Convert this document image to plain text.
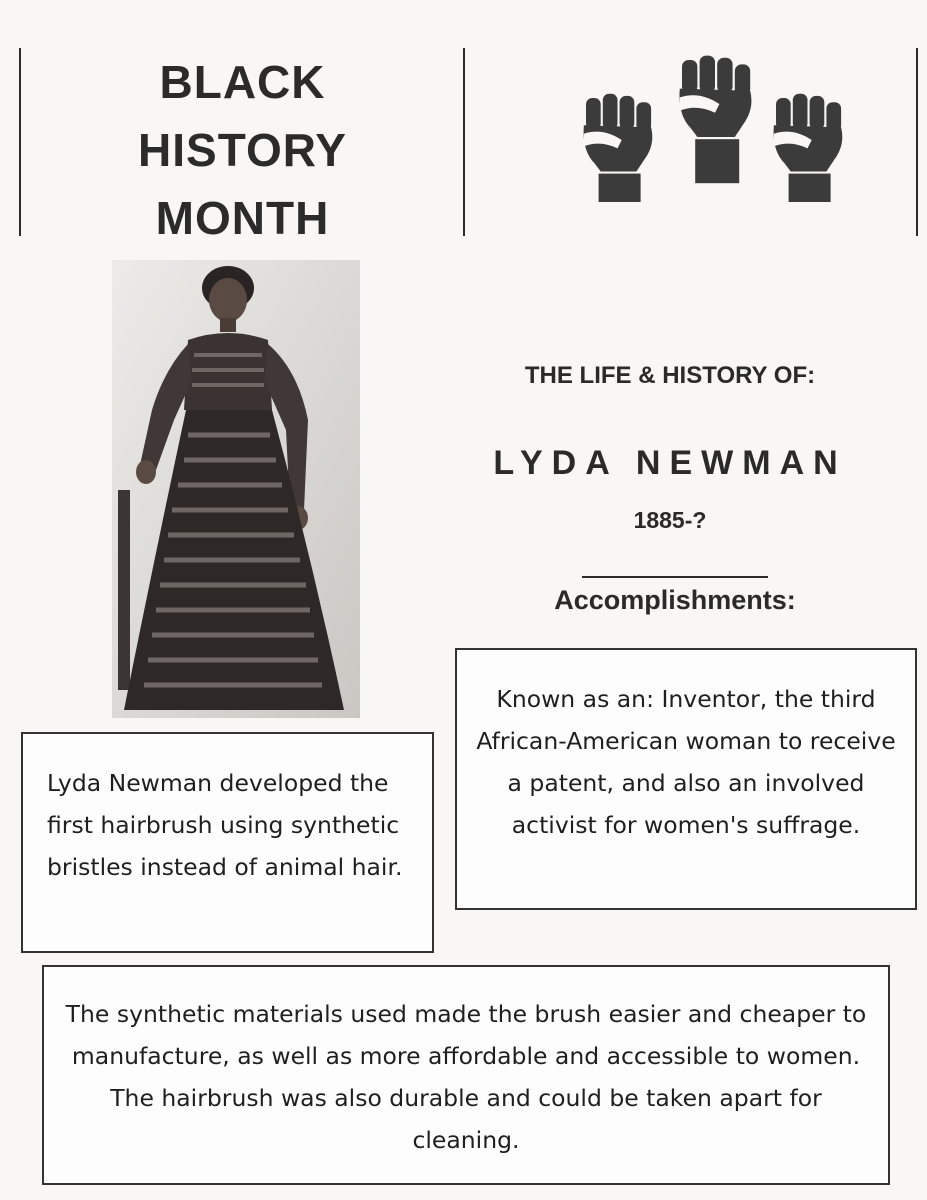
BLACK
HISTORY
MONTH
THE LIFE & HISTORY OF:
LYDA NEWMAN
1885-?
Accomplishments:
Known as an: Inventor, the third African-American woman to receive a patent, and also an involved activist for women's suffrage.
Lyda Newman developed the first hairbrush using synthetic bristles instead of animal hair.
The synthetic materials used made the brush easier and cheaper to manufacture, as well as more affordable and accessible to women. The hairbrush was also durable and could be taken apart for cleaning.
